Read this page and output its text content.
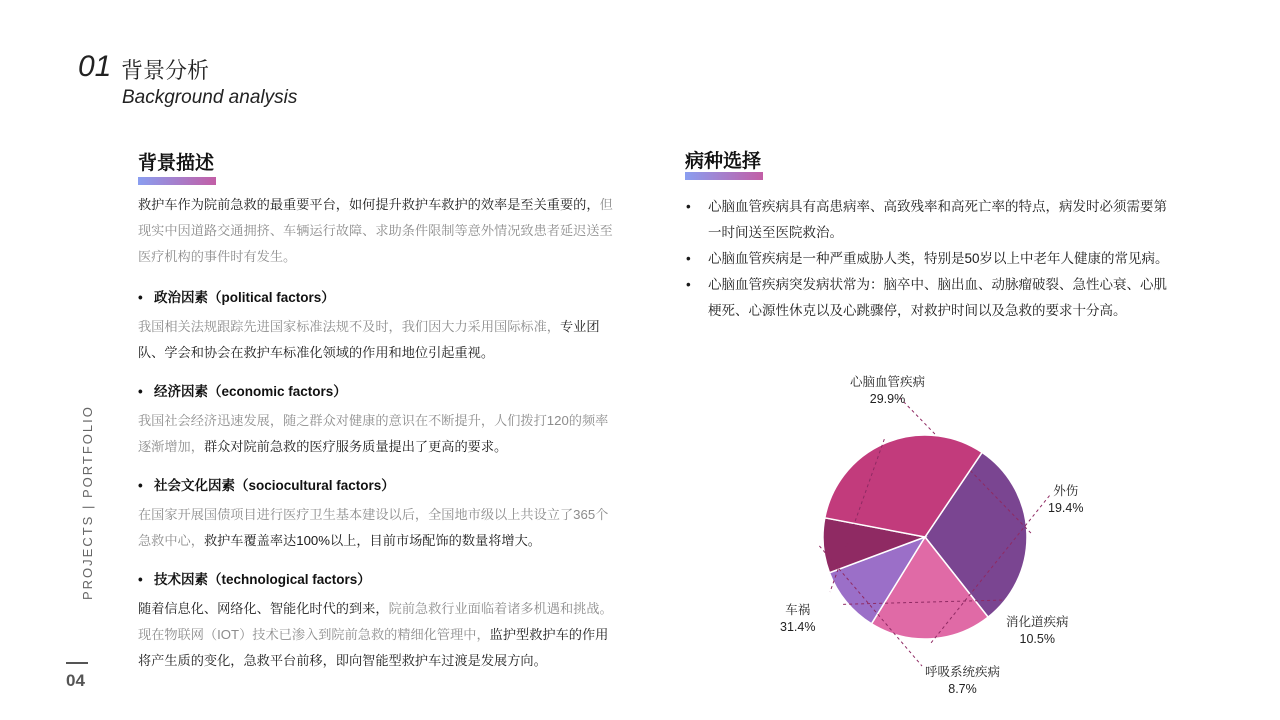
01 背景分析
Background analysis
PROJECTS | PORTFOLIO
04
背景描述

救护车作为院前急救的最重要平台，如何提升救护车救护的效率是至关重要的，但现实中因道路交通拥挤、车辆运行故障、求助条件限制等意外情况致患者延迟送至医疗机构的事件时有发生。

• 政治因素（political factors）

我国相关法规跟踪先进国家标准法规不及时，我们因大力采用国际标准，专业团队、学会和协会在救护车标准化领域的作用和地位引起重视。

• 经济因素（economic factors）

我国社会经济迅速发展，随之群众对健康的意识在不断提升，人们拨打120的频率逐渐增加，群众对院前急救的医疗服务质量提出了更高的要求。

• 社会文化因素（sociocultural factors）

在国家开展国债项目进行医疗卫生基本建设以后，全国地市级以上共设立了365个急救中心，救护车覆盖率达100%以上，目前市场配饰的数量将增大。

• 技术因素（technological factors）

随着信息化、网络化、智能化时代的到来，院前急救行业面临着诸多机遇和挑战。现在物联网（IOT）技术已渗入到院前急救的精细化管理中，监护型救护车的作用将产生质的变化，急救平台前移，即向智能型救护车过渡是发展方向。

病种选择
• 心脑血管疾病具有高患病率、高致残率和高死亡率的特点，病发时必须需要第一时间送至医院救治。
• 心脑血管疾病是一种严重威胁人类，特别是50岁以上中老年人健康的常见病。
• 心脑血管疾病突发病状常为：脑卒中、脑出血、动脉瘤破裂、急性心衰、心肌梗死、心源性休克以及心跳骤停，对救护时间以及急救的要求十分高。
心脑血管疾病
29.9%
外伤
19.4%
消化道疾病
10.5%
呼吸系统疾病
8.7%
车祸
31.4%
